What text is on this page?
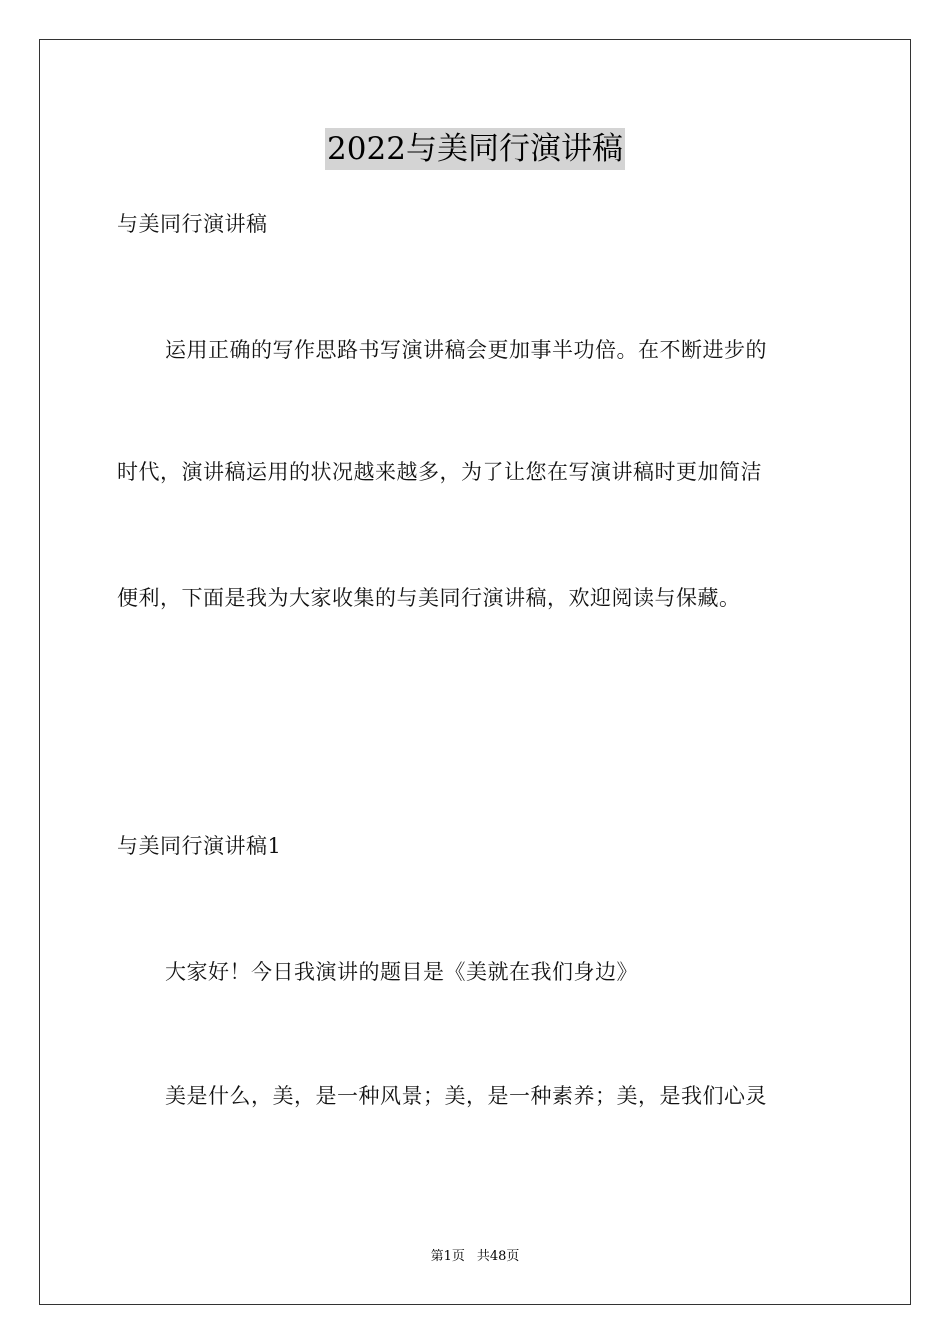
2022与美同行演讲稿
与美同行演讲稿
运用正确的写作思路书写演讲稿会更加事半功倍。在不断进步的
时代，演讲稿运用的状况越来越多，为了让您在写演讲稿时更加简洁
便利，下面是我为大家收集的与美同行演讲稿，欢迎阅读与保藏。
与美同行演讲稿1
大家好！今日我演讲的题目是《美就在我们身边》
美是什么，美，是一种风景；美，是一种素养；美，是我们心灵
第1页 共48页
